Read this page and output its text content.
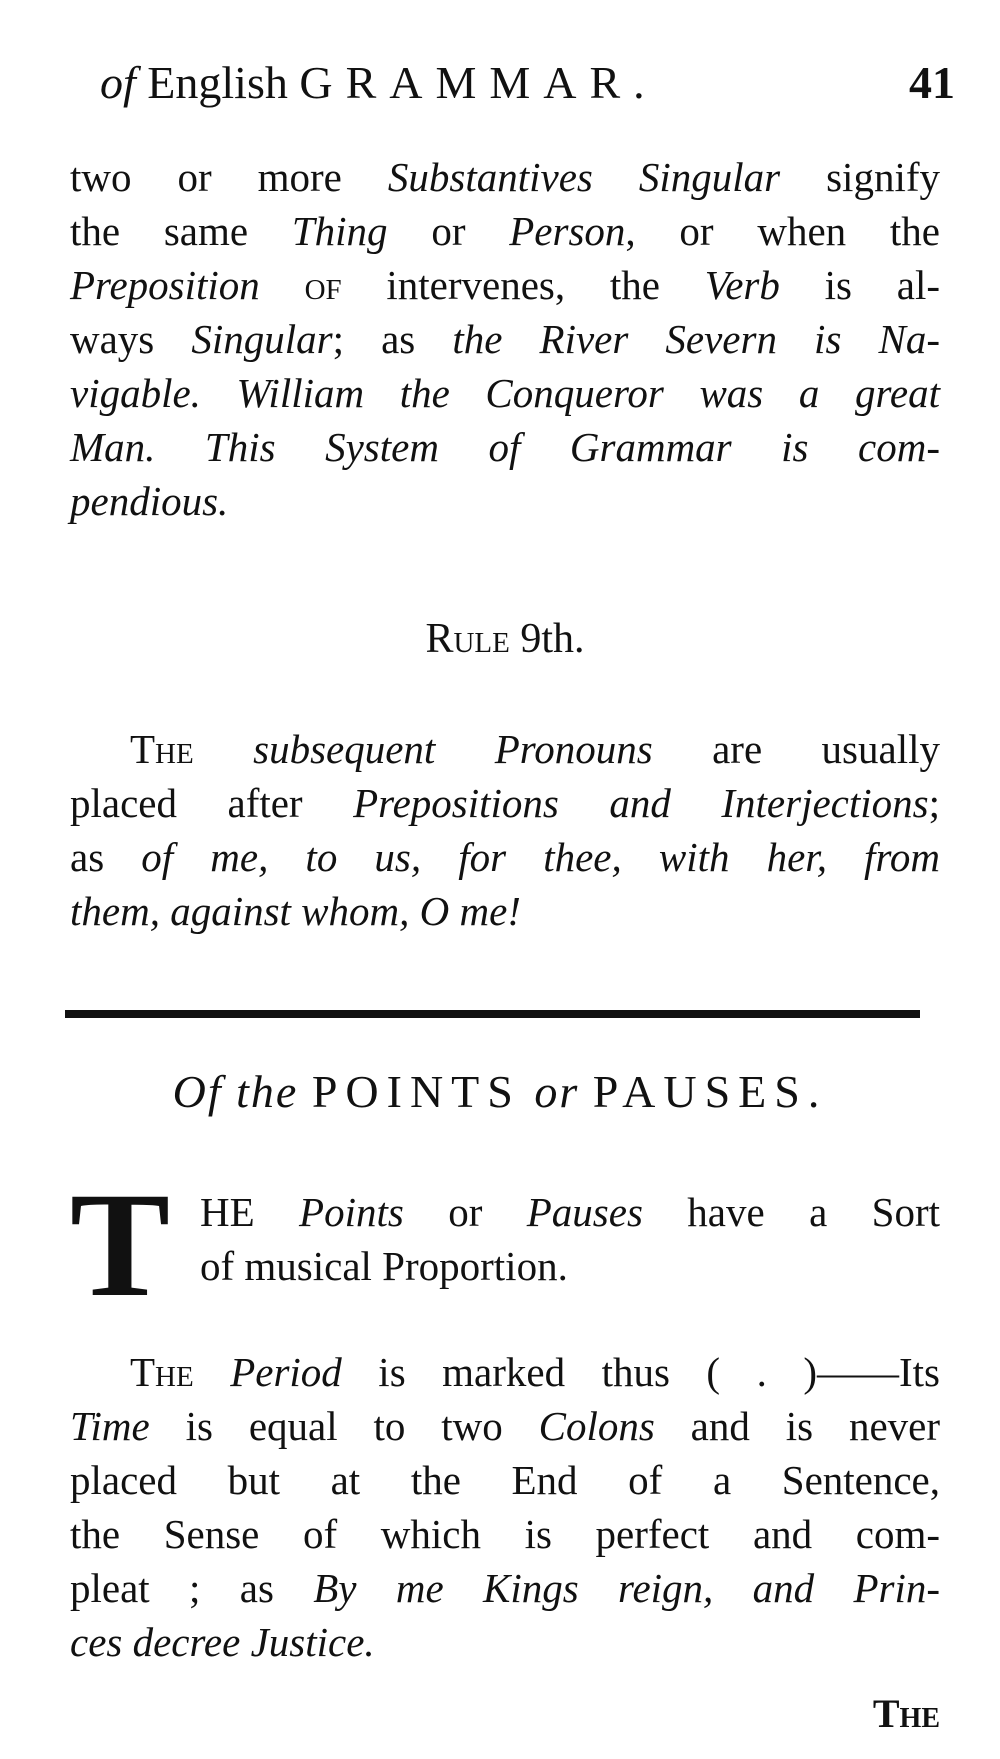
of English GRAMMAR.	41
two or more Substantives Singular signify
the same Thing or Person, or when the
Preposition of intervenes, the Verb is al-
ways Singular; as the River Severn is Na-
vigable. William the Conqueror was a great
Man. This System of Grammar is com-
pendious.
Rule 9th.
The subsequent Pronouns are usually
placed after Prepositions and Interjections;
as of me, to us, for thee, with her, from
them, against whom, O me!
Of the POINTS or PAUSES.
T HE Points or Pauses have a Sort
of musical Proportion.
The Period is marked thus ( . )——Its
Time is equal to two Colons and is never
placed but at the End of a Sentence,
the Sense of which is perfect and com-
pleat ; as By me Kings reign, and Prin-
ces decree Justice.
The
